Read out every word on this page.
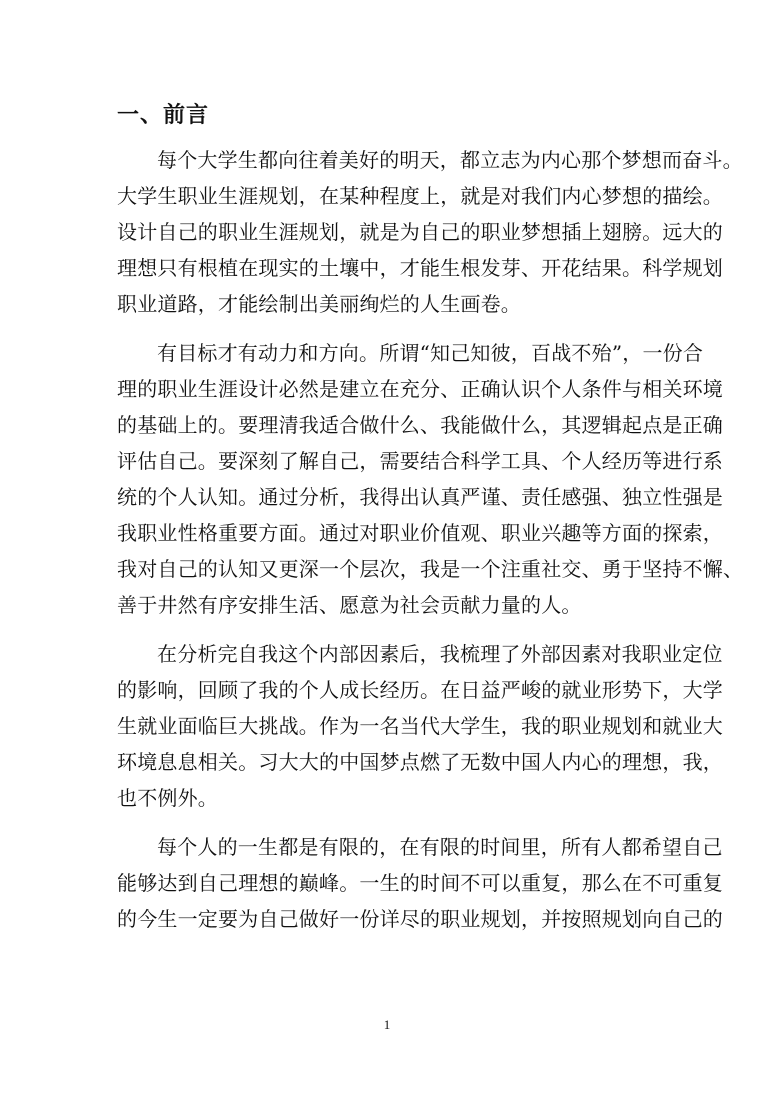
一、前言
每个大学生都向往着美好的明天，都立志为内心那个梦想而奋斗。
大学生职业生涯规划，在某种程度上，就是对我们内心梦想的描绘。
设计自己的职业生涯规划，就是为自己的职业梦想插上翅膀。远大的
理想只有根植在现实的土壤中，才能生根发芽、开花结果。科学规划
职业道路，才能绘制出美丽绚烂的人生画卷。
有目标才有动力和方向。所谓“知己知彼，百战不殆”，一份合
理的职业生涯设计必然是建立在充分、正确认识个人条件与相关环境
的基础上的。要理清我适合做什么、我能做什么，其逻辑起点是正确
评估自己。要深刻了解自己，需要结合科学工具、个人经历等进行系
统的个人认知。通过分析，我得出认真严谨、责任感强、独立性强是
我职业性格重要方面。通过对职业价值观、职业兴趣等方面的探索，
我对自己的认知又更深一个层次，我是一个注重社交、勇于坚持不懈、
善于井然有序安排生活、愿意为社会贡献力量的人。
在分析完自我这个内部因素后，我梳理了外部因素对我职业定位
的影响，回顾了我的个人成长经历。在日益严峻的就业形势下，大学
生就业面临巨大挑战。作为一名当代大学生，我的职业规划和就业大
环境息息相关。习大大的中国梦点燃了无数中国人内心的理想，我，
也不例外。
每个人的一生都是有限的，在有限的时间里，所有人都希望自己
能够达到自己理想的巅峰。一生的时间不可以重复，那么在不可重复
的今生一定要为自己做好一份详尽的职业规划，并按照规划向自己的
1
